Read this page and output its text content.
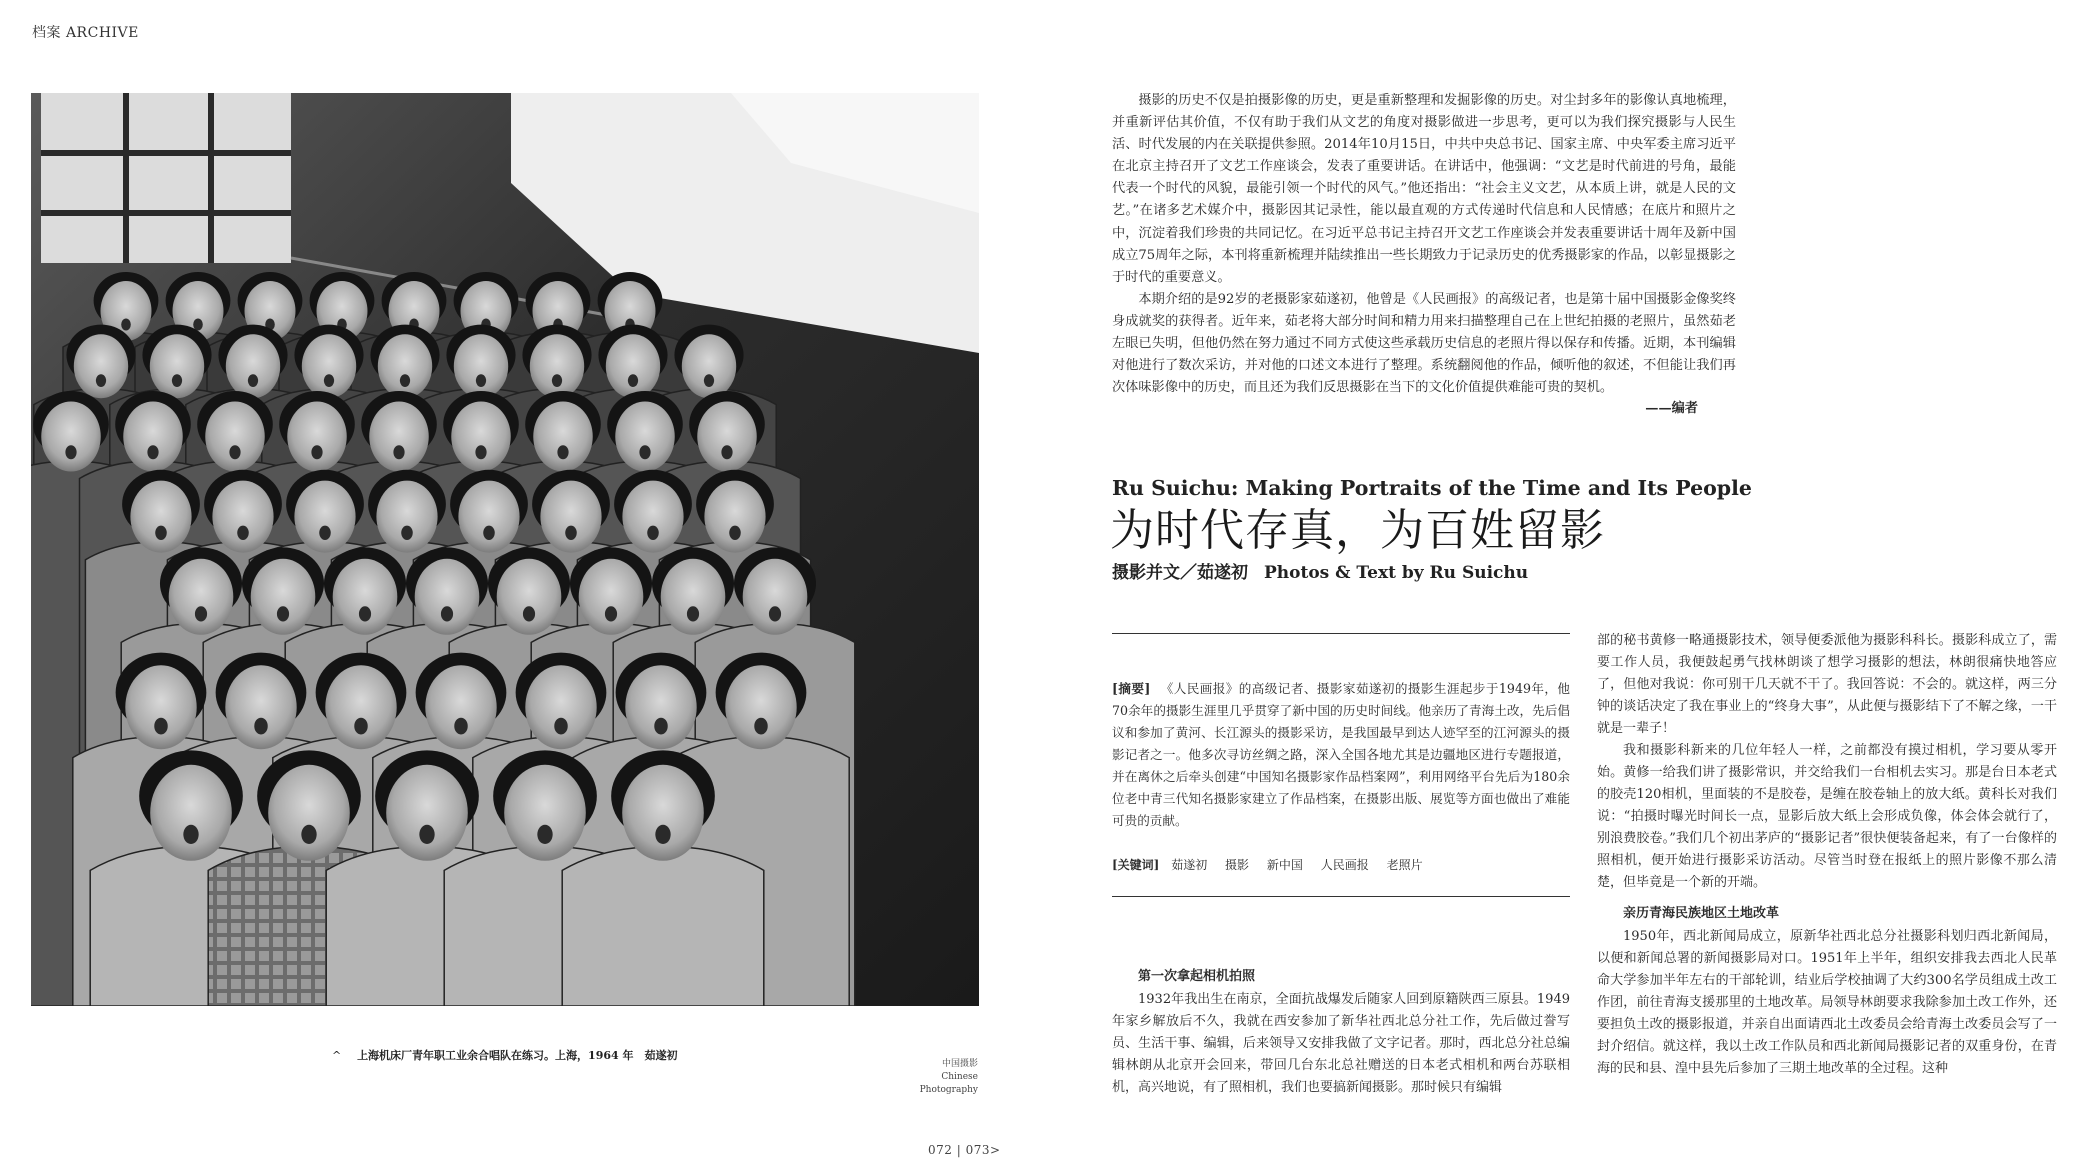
档案 ARCHIVE
^ 上海机床厂青年职工业余合唱队在练习。上海，1964 年　茹遂初
中国摄影
Chinese
Photography
072 | 073>

摄影的历史不仅是拍摄影像的历史，更是重新整理和发掘影像的历史。对尘封多年的影像认真地梳理，并重新评估其价值，不仅有助于我们从文艺的角度对摄影做进一步思考，更可以为我们探究摄影与人民生活、时代发展的内在关联提供参照。2014年10月15日，中共中央总书记、国家主席、中央军委主席习近平在北京主持召开了文艺工作座谈会，发表了重要讲话。在讲话中，他强调：“文艺是时代前进的号角，最能代表一个时代的风貌，最能引领一个时代的风气。”他还指出：“社会主义文艺，从本质上讲，就是人民的文艺。”在诸多艺术媒介中，摄影因其记录性，能以最直观的方式传递时代信息和人民情感；在底片和照片之中，沉淀着我们珍贵的共同记忆。在习近平总书记主持召开文艺工作座谈会并发表重要讲话十周年及新中国成立75周年之际，本刊将重新梳理并陆续推出一些长期致力于记录历史的优秀摄影家的作品，以彰显摄影之于时代的重要意义。

本期介绍的是92岁的老摄影家茹遂初，他曾是《人民画报》的高级记者，也是第十届中国摄影金像奖终身成就奖的获得者。近年来，茹老将大部分时间和精力用来扫描整理自己在上世纪拍摄的老照片，虽然茹老左眼已失明，但他仍然在努力通过不同方式使这些承载历史信息的老照片得以保存和传播。近期，本刊编辑对他进行了数次采访，并对他的口述文本进行了整理。系统翻阅他的作品，倾听他的叙述，不但能让我们再次体味影像中的历史，而且还为我们反思摄影在当下的文化价值提供难能可贵的契机。

——编者

Ru Suichu: Making Portraits of the Time and Its People
为时代存真，为百姓留影
摄影并文／茹遂初 Photos & Text by Ru Suichu
[摘要] 《人民画报》的高级记者、摄影家茹遂初的摄影生涯起步于1949年，他70余年的摄影生涯里几乎贯穿了新中国的历史时间线。他亲历了青海土改，先后倡议和参加了黄河、长江源头的摄影采访，是我国最早到达人迹罕至的江河源头的摄影记者之一。他多次寻访丝绸之路，深入全国各地尤其是边疆地区进行专题报道，并在离休之后牵头创建“中国知名摄影家作品档案网”，利用网络平台先后为180余位老中青三代知名摄影家建立了作品档案，在摄影出版、展览等方面也做出了难能可贵的贡献。
[关键词] 茹遂初 摄影 新中国 人民画报 老照片
第一次拿起相机拍照

1932年我出生在南京，全面抗战爆发后随家人回到原籍陕西三原县。1949年家乡解放后不久，我就在西安参加了新华社西北总分社工作，先后做过誊写员、生活干事、编辑，后来领导又安排我做了文字记者。那时，西北总分社总编辑林朗从北京开会回来，带回几台东北总社赠送的日本老式相机和两台苏联相机，高兴地说，有了照相机，我们也要搞新闻摄影。那时候只有编辑

部的秘书黄修一略通摄影技术，领导便委派他为摄影科科长。摄影科成立了，需要工作人员，我便鼓起勇气找林朗谈了想学习摄影的想法，林朗很痛快地答应了，但他对我说：你可别干几天就不干了。我回答说：不会的。就这样，两三分钟的谈话决定了我在事业上的“终身大事”，从此便与摄影结下了不解之缘，一干就是一辈子！

我和摄影科新来的几位年轻人一样，之前都没有摸过相机，学习要从零开始。黄修一给我们讲了摄影常识，并交给我们一台相机去实习。那是台日本老式的胶壳120相机，里面装的不是胶卷，是缠在胶卷轴上的放大纸。黄科长对我们说：“拍摄时曝光时间长一点，显影后放大纸上会形成负像，体会体会就行了，别浪费胶卷。”我们几个初出茅庐的“摄影记者”很快便装备起来，有了一台像样的照相机，便开始进行摄影采访活动。尽管当时登在报纸上的照片影像不那么清楚，但毕竟是一个新的开端。

亲历青海民族地区土地改革

1950年，西北新闻局成立，原新华社西北总分社摄影科划归西北新闻局，以便和新闻总署的新闻摄影局对口。1951年上半年，组织安排我去西北人民革命大学参加半年左右的干部轮训，结业后学校抽调了大约300名学员组成土改工作团，前往青海支援那里的土地改革。局领导林朗要求我除参加土改工作外，还要担负土改的摄影报道，并亲自出面请西北土改委员会给青海土改委员会写了一封介绍信。就这样，我以土改工作队员和西北新闻局摄影记者的双重身份，在青海的民和县、湟中县先后参加了三期土地改革的全过程。这种
